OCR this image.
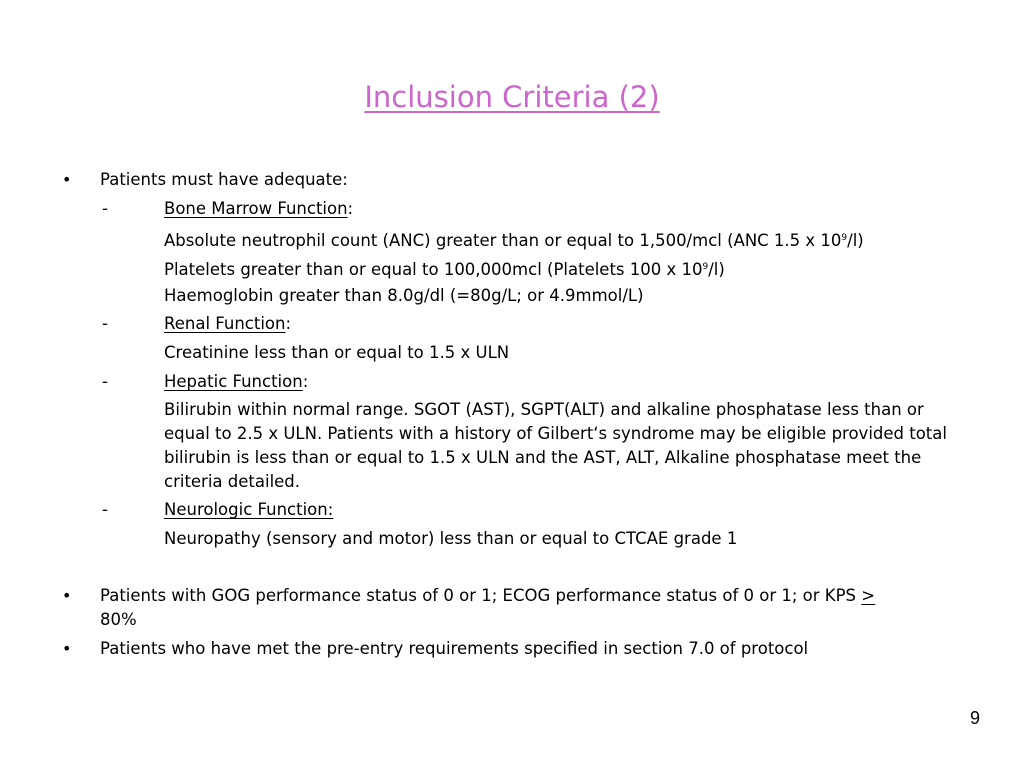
Inclusion Criteria (2)
• Patients must have adequate:
-	Bone Marrow Function:
Absolute neutrophil count (ANC) greater than or equal to 1,500/mcl (ANC 1.5 x $10^9/l$)
Platelets greater than or equal to 100,000mcl (Platelets 100 x $10^9/l$)
Haemoglobin greater than 8.0g/dl (=80g/L; or 4.9mmol/L)
-	Renal Function:
Creatinine less than or equal to 1.5 x ULN
-	Hepatic Function:
Bilirubin within normal range. SGOT (AST), SGPT(ALT) and alkaline phosphatase less than or equal to 2.5 x ULN. Patients with a history of Gilbert‘s syndrome may be eligible provided total bilirubin is less than or equal to 1.5 x ULN and the AST, ALT, Alkaline phosphatase meet the criteria detailed.
-	Neurologic Function:
Neuropathy (sensory and motor) less than or equal to CTCAE grade 1
• Patients with GOG performance status of 0 or 1; ECOG performance status of 0 or 1; or KPS >
80%
• Patients who have met the pre-entry requirements specified in section 7.0 of protocol
9
